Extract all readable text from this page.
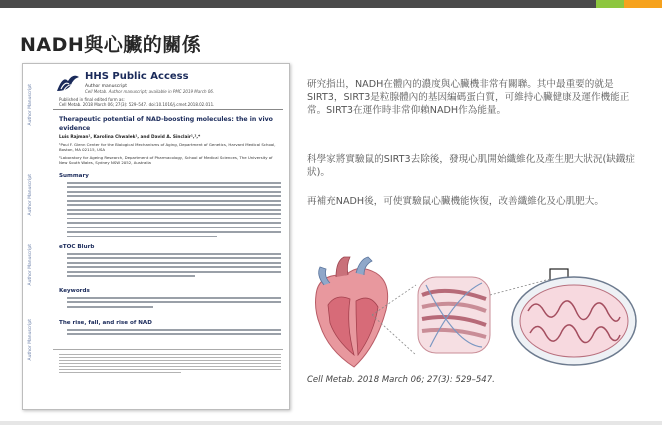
NADH與心臟的關係
Author Manuscript
Author Manuscript
Author Manuscript
Author Manuscript
HHS Public Access
Author manuscript
Cell Metab. Author manuscript; available in PMC 2019 March 06.
Published in final edited form as:
Cell Metab. 2018 March 06; 27(3): 529–547. doi:10.1016/j.cmet.2018.02.011.
Therapeutic potential of NAD-boosting molecules: the in vivo evidence
Luis Rajman¹, Karolina Chwalek¹, and David A. Sinclair¹,²,*
¹Paul F. Glenn Center for the Biological Mechanisms of Aging, Department of Genetics, Harvard Medical School, Boston, MA 02115, USA
²Laboratory for Ageing Research, Department of Pharmacology, School of Medical Sciences, The University of New South Wales, Sydney NSW 2052, Australia
Summary
eTOC Blurb
Keywords
The rise, fall, and rise of NAD
研究指出，NADH在體內的濃度與心臟機非常有關聯。其中最重要的就是SIRT3，SIRT3是粒腺體內的基因編碼蛋白質，可維持心臟健康及運作機能正常。SIRT3在運作時非常仰賴NADH作為能量。
科學家將實驗鼠的SIRT3去除後，發現心肌開始纖維化及產生肥大狀況(缺鐵症狀)。
再補充NADH後，可使實驗鼠心臟機能恢復，改善纖維化及心肌肥大。
Cell Metab. 2018 March 06; 27(3): 529–547.
